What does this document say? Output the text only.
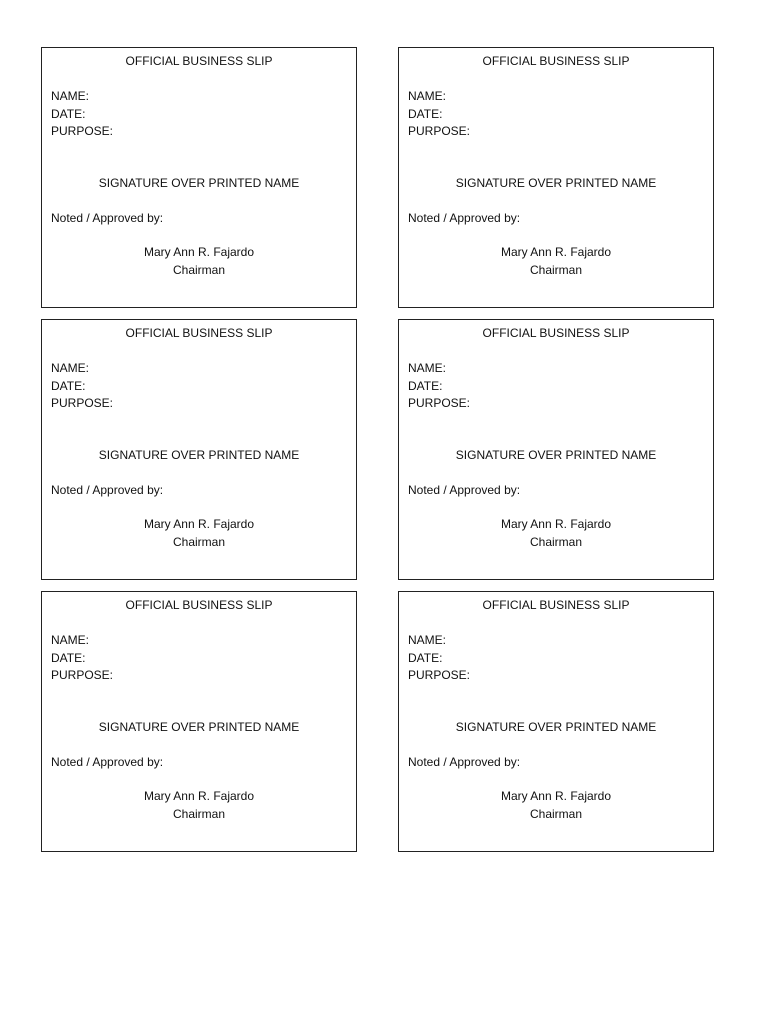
OFFICIAL BUSINESS SLIP
NAME:
DATE:
PURPOSE:
SIGNATURE OVER PRINTED NAME
Noted / Approved by:
Mary Ann R. Fajardo
Chairman
OFFICIAL BUSINESS SLIP
NAME:
DATE:
PURPOSE:
SIGNATURE OVER PRINTED NAME
Noted / Approved by:
Mary Ann R. Fajardo
Chairman
OFFICIAL BUSINESS SLIP
NAME:
DATE:
PURPOSE:
SIGNATURE OVER PRINTED NAME
Noted / Approved by:
Mary Ann R. Fajardo
Chairman
OFFICIAL BUSINESS SLIP
NAME:
DATE:
PURPOSE:
SIGNATURE OVER PRINTED NAME
Noted / Approved by:
Mary Ann R. Fajardo
Chairman
OFFICIAL BUSINESS SLIP
NAME:
DATE:
PURPOSE:
SIGNATURE OVER PRINTED NAME
Noted / Approved by:
Mary Ann R. Fajardo
Chairman
OFFICIAL BUSINESS SLIP
NAME:
DATE:
PURPOSE:
SIGNATURE OVER PRINTED NAME
Noted / Approved by:
Mary Ann R. Fajardo
Chairman
